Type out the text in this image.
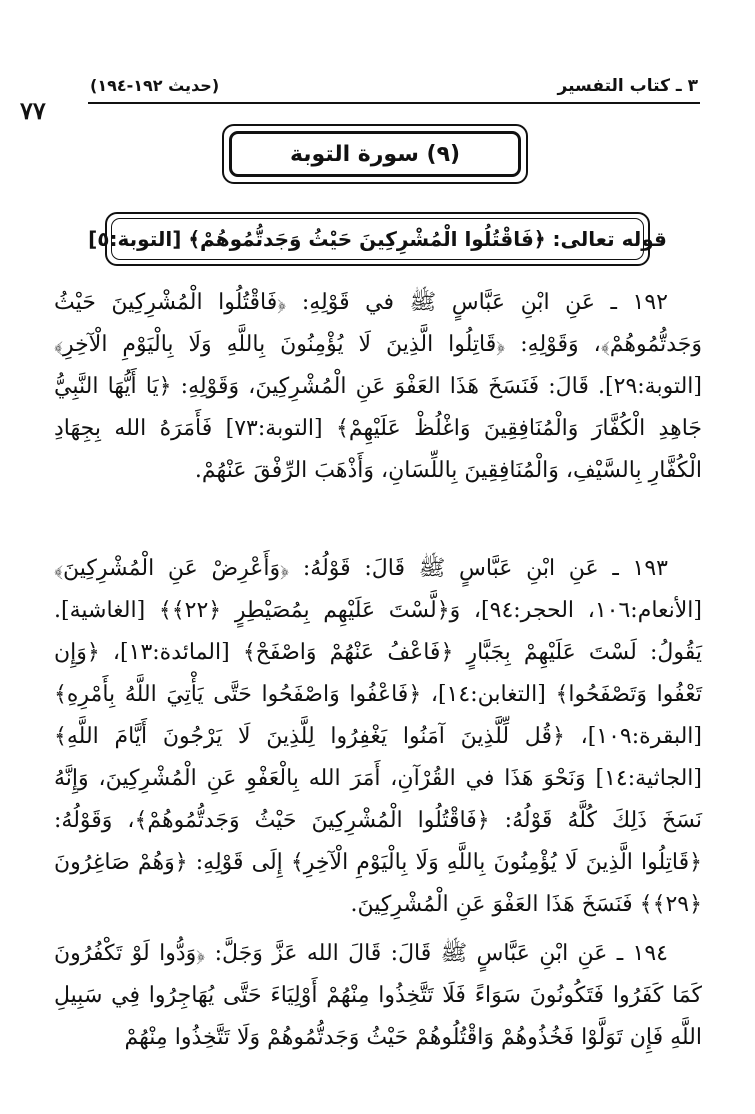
٣ ـ كتاب التفسير
(حديث ١٩٢-١٩٤)
٧٧
(٩) سورة التوبة
قوله تعالى: ﴿فَاقْتُلُوا الْمُشْرِكِينَ حَيْثُ وَجَدتُّمُوهُمْ﴾ [التوبة:٥]

١٩٢ ـ عَنِ ابْنِ عَبَّاسٍ ﷺ في قَوْلِهِ: ﴿فَاقْتُلُوا الْمُشْرِكِينَ حَيْثُ وَجَدتُّمُوهُمْ﴾، وَقَوْلِهِ: ﴿قَاتِلُوا الَّذِينَ لَا يُؤْمِنُونَ بِاللَّهِ وَلَا بِالْيَوْمِ الْآخِرِ﴾ [التوبة:٢٩]. قَالَ: فَنَسَخَ هَذَا العَفْوَ عَنِ الْمُشْرِكِينَ، وَقَوْلِهِ: ﴿يَا أَيُّهَا النَّبِيُّ جَاهِدِ الْكُفَّارَ وَالْمُنَافِقِينَ وَاغْلُظْ عَلَيْهِمْ﴾ [التوبة:٧٣] فَأَمَرَهُ الله بِجِهَادِ الْكُفَّارِ بِالسَّيْفِ، وَالْمُنَافِقِينَ بِاللِّسَانِ، وَأَذْهَبَ الرِّفْقَ عَنْهُمْ.

١٩٣ ـ عَنِ ابْنِ عَبَّاسٍ ﷺ قَالَ: قَوْلُهُ: ﴿وَأَعْرِضْ عَنِ الْمُشْرِكِينَ﴾ [الأنعام:١٠٦، الحجر:٩٤]، وَ﴿لَّسْتَ عَلَيْهِم بِمُصَيْطِرٍ ﴿٢٢﴾﴾ [الغاشية]. يَقُولُ: لَسْتَ عَلَيْهِمْ بِجَبَّارٍ ﴿فَاعْفُ عَنْهُمْ وَاصْفَحْ﴾ [المائدة:١٣]، ﴿وَإِن تَعْفُوا وَتَصْفَحُوا﴾ [التغابن:١٤]، ﴿فَاعْفُوا وَاصْفَحُوا حَتَّى يَأْتِيَ اللَّهُ بِأَمْرِهِ﴾ [البقرة:١٠٩]، ﴿قُل لِّلَّذِينَ آمَنُوا يَغْفِرُوا لِلَّذِينَ لَا يَرْجُونَ أَيَّامَ اللَّهِ﴾ [الجاثية:١٤] وَنَحْوَ هَذَا في القُرْآنِ، أَمَرَ الله بِالْعَفْوِ عَنِ الْمُشْرِكِينَ، وَإِنَّهُ نَسَخَ ذَلِكَ كُلَّهُ قَوْلُهُ: ﴿فَاقْتُلُوا الْمُشْرِكِينَ حَيْثُ وَجَدتُّمُوهُمْ﴾، وَقَوْلُهُ: ﴿قَاتِلُوا الَّذِينَ لَا يُؤْمِنُونَ بِاللَّهِ وَلَا بِالْيَوْمِ الْآخِرِ﴾ إِلَى قَوْلِهِ: ﴿وَهُمْ صَاغِرُونَ ﴿٢٩﴾﴾ فَنَسَخَ هَذَا العَفْوَ عَنِ الْمُشْرِكِينَ.

١٩٤ ـ عَنِ ابْنِ عَبَّاسٍ ﷺ قَالَ: قَالَ الله عَزَّ وَجَلَّ: ﴿وَدُّوا لَوْ تَكْفُرُونَ كَمَا كَفَرُوا فَتَكُونُونَ سَوَاءً فَلَا تَتَّخِذُوا مِنْهُمْ أَوْلِيَاءَ حَتَّى يُهَاجِرُوا فِي سَبِيلِ اللَّهِ فَإِن تَوَلَّوْا فَخُذُوهُمْ وَاقْتُلُوهُمْ حَيْثُ وَجَدتُّمُوهُمْ وَلَا تَتَّخِذُوا مِنْهُمْ
